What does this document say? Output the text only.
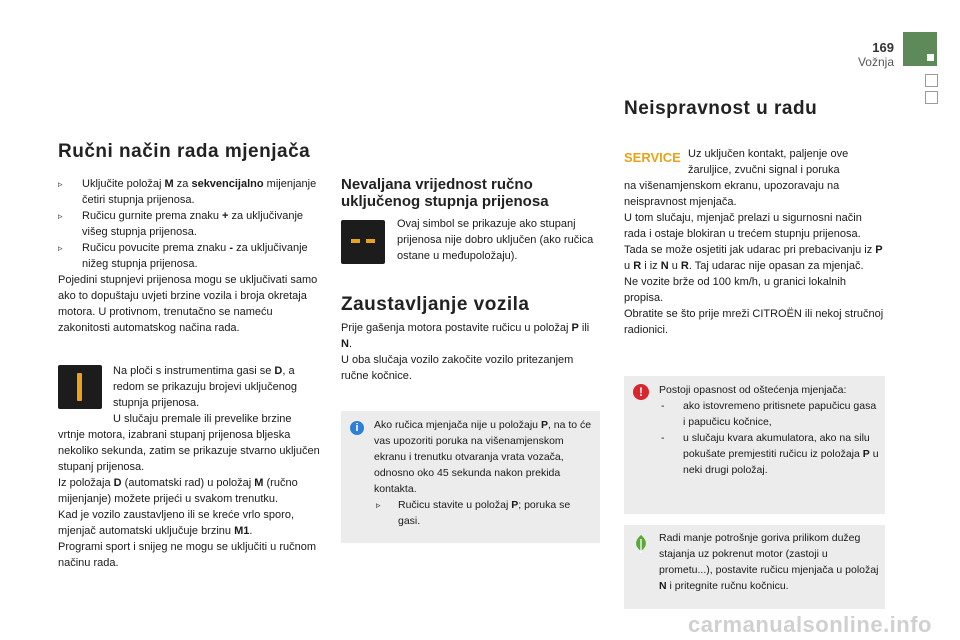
169
Vožnja
Ručni način rada mjenjača
▹ Uključite položaj M za sekvencijalno mijenjanje četiri stupnja prijenosa.
▹ Ručicu gurnite prema znaku + za uključivanje višeg stupnja prijenosa.
▹ Ručicu povucite prema znaku - za uključivanje nižeg stupnja prijenosa.

Pojedini stupnjevi prijenosa mogu se uključivati samo ako to dopuštaju uvjeti brzine vozila i broja okretaja motora. U protivnom, trenutačno se nameću zakonitosti automatskog načina rada.

Na ploči s instrumentima gasi se D, a redom se prikazuju brojevi uključenog stupnja prijenosa.
U slučaju premale ili prevelike brzine

vrtnje motora, izabrani stupanj prijenosa bljeska nekoliko sekunda, zatim se prikazuje stvarno uključen stupanj prijenosa.

Iz položaja D (automatski rad) u položaj M (ručno mijenjanje) možete prijeći u svakom trenutku.

Kad je vozilo zaustavljeno ili se kreće vrlo sporo, mjenjač automatski uključuje brzinu M1.

Programi sport i snijeg ne mogu se uključiti u ručnom načinu rada.

Nevaljana vrijednost ručno uključenog stupnja prijenosa
Ovaj simbol se prikazuje ako stupanj prijenosa nije dobro uključen (ako ručica ostane u međupoložaju).
Zaustavljanje vozila

Prije gašenja motora postavite ručicu u položaj P ili N.

U oba slučaja vozilo zakočite vozilo pritezanjem ručne kočnice.

i	Ako ručica mjenjača nije u položaju P, na to će vas upozoriti poruka na višenamjenskom ekranu i trenutku otvaranja vrata vozača, odnosno oko 45 sekunda nakon prekida kontakta.
▹ Ručicu stavite u položaj P; poruka se gasi.
Neispravnost u radu
SERVICE Uz uključen kontakt, paljenje ove žaruljice, zvučni signal i poruka

na višenamjenskom ekranu, upozoravaju na neispravnost mjenjača.

U tom slučaju, mjenjač prelazi u sigurnosni način rada i ostaje blokiran u trećem stupnju prijenosa. Tada se može osjetiti jak udarac pri prebacivanju iz P u R i iz N u R. Taj udarac nije opasan za mjenjač.

Ne vozite brže od 100 km/h, u granici lokalnih propisa.

Obratite se što prije mreži CITROËN ili nekoj stručnoj radionici.

!	Postoji opasnost od oštećenja mjenjača:

- ako istovremeno pritisnete papučicu gasa i papučicu kočnice,
- u slučaju kvara akumulatora, ako na silu pokušate premjestiti ručicu iz položaja P u neki drugi položaj.
Radi manje potrošnje goriva prilikom dužeg stajanja uz pokrenut motor (zastoji u prometu...), postavite ručicu mjenjača u položaj N i pritegnite ručnu kočnicu.
carmanualsonline.info
